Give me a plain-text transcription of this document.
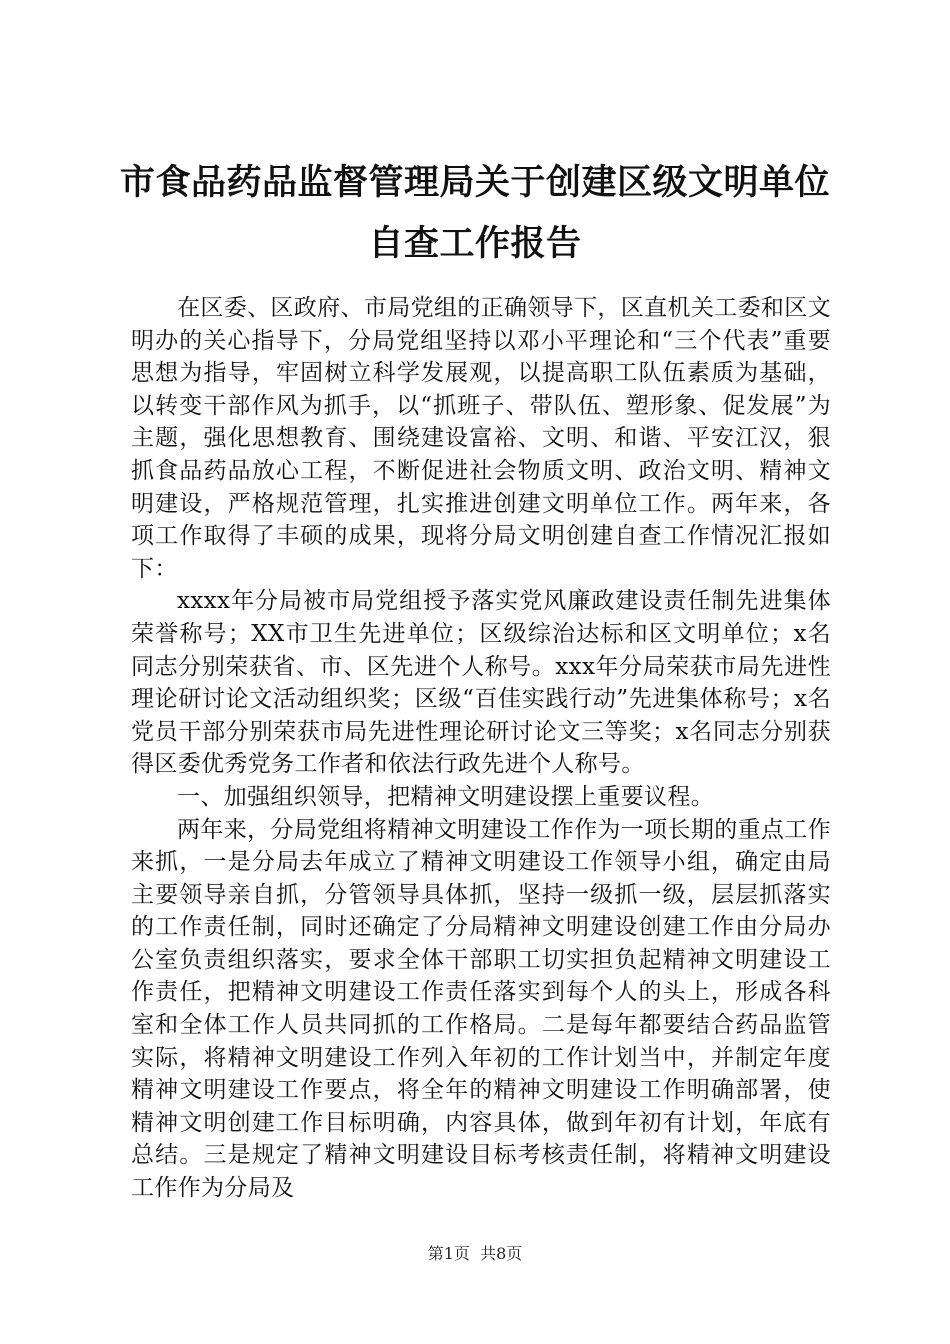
市食品药品监督管理局关于创建区级文明单位
自查工作报告

在区委、区政府、市局党组的正确领导下，区直机关工委和区文明办的关心指导下，分局党组坚持以邓小平理论和“三个代表”重要思想为指导，牢固树立科学发展观，以提高职工队伍素质为基础，以转变干部作风为抓手，以“抓班子、带队伍、塑形象、促发展”为主题，强化思想教育、围绕建设富裕、文明、和谐、平安江汉，狠抓食品药品放心工程，不断促进社会物质文明、政治文明、精神文明建设，严格规范管理，扎实推进创建文明单位工作。两年来，各项工作取得了丰硕的成果，现将分局文明创建自查工作情况汇报如下：

xxxx年分局被市局党组授予落实党风廉政建设责任制先进集体荣誉称号；XX市卫生先进单位；区级综治达标和区文明单位；x名同志分别荣获省、市、区先进个人称号。xxx年分局荣获市局先进性理论研讨论文活动组织奖；区级“百佳实践行动”先进集体称号；x名党员干部分别荣获市局先进性理论研讨论文三等奖；x名同志分别获得区委优秀党务工作者和依法行政先进个人称号。

一、加强组织领导，把精神文明建设摆上重要议程。

两年来，分局党组将精神文明建设工作作为一项长期的重点工作来抓，一是分局去年成立了精神文明建设工作领导小组，确定由局主要领导亲自抓，分管领导具体抓，坚持一级抓一级，层层抓落实的工作责任制，同时还确定了分局精神文明建设创建工作由分局办公室负责组织落实，要求全体干部职工切实担负起精神文明建设工作责任，把精神文明建设工作责任落实到每个人的头上，形成各科室和全体工作人员共同抓的工作格局。二是每年都要结合药品监管实际，将精神文明建设工作列入年初的工作计划当中，并制定年度精神文明建设工作要点，将全年的精神文明建设工作明确部署，使精神文明创建工作目标明确，内容具体，做到年初有计划，年底有总结。三是规定了精神文明建设目标考核责任制，将精神文明建设工作作为分局及

第1页  共8页
